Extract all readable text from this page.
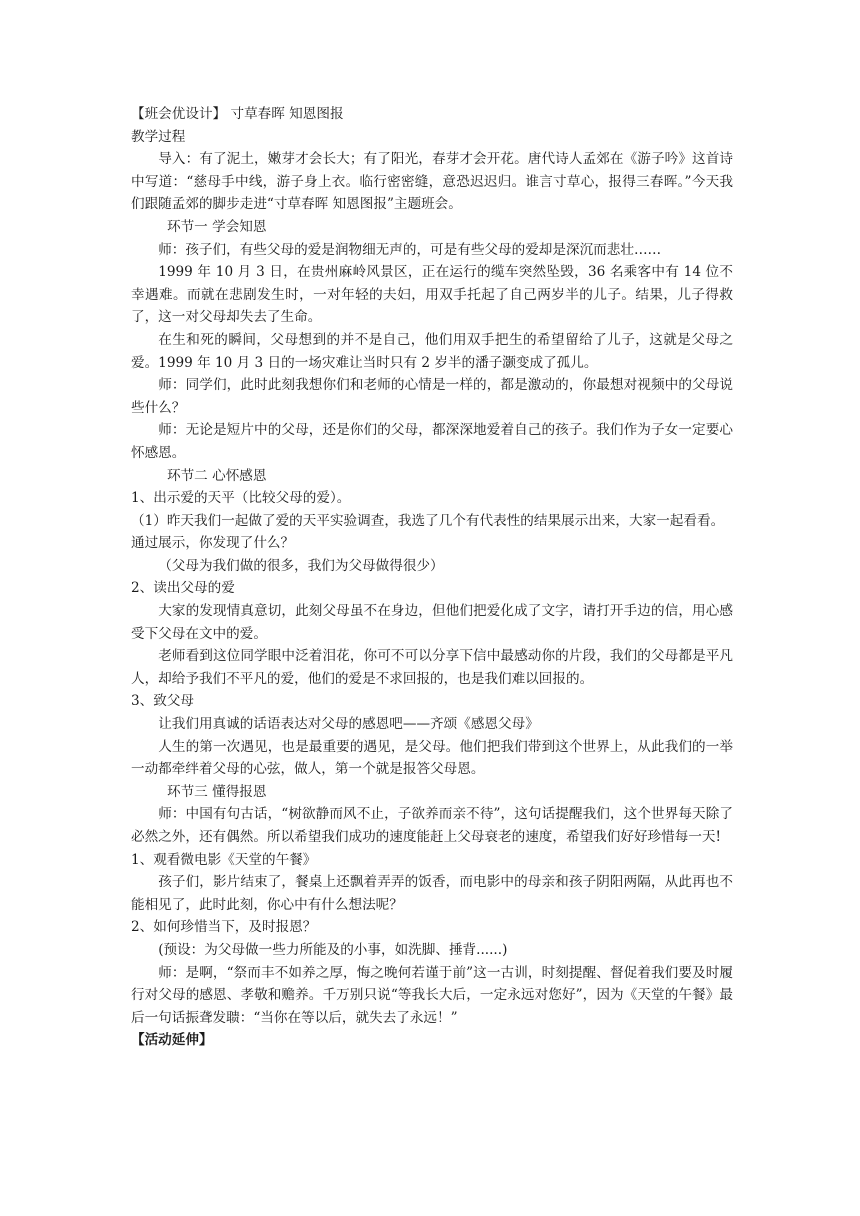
【班会优设计】 寸草春晖 知恩图报

教学过程

导入：有了泥土，嫩芽才会长大；有了阳光，春芽才会开花。唐代诗人孟郊在《游子吟》这首诗中写道：“慈母手中线，游子身上衣。临行密密缝，意恐迟迟归。谁言寸草心，报得三春晖。”今天我们跟随孟郊的脚步走进“寸草春晖 知恩图报”主题班会。

环节一 学会知恩

师：孩子们，有些父母的爱是润物细无声的，可是有些父母的爱却是深沉而悲壮……

1999 年 10 月 3 日，在贵州麻岭风景区，正在运行的缆车突然坠毁，36 名乘客中有 14 位不幸遇难。而就在悲剧发生时，一对年轻的夫妇，用双手托起了自己两岁半的儿子。结果，儿子得救了，这一对父母却失去了生命。

在生和死的瞬间，父母想到的并不是自己，他们用双手把生的希望留给了儿子，这就是父母之爱。1999 年 10 月 3 日的一场灾难让当时只有 2 岁半的潘子灏变成了孤儿。

师：同学们，此时此刻我想你们和老师的心情是一样的，都是激动的，你最想对视频中的父母说些什么？

师：无论是短片中的父母，还是你们的父母，都深深地爱着自己的孩子。我们作为子女一定要心怀感恩。

环节二 心怀感恩

1、出示爱的天平（比较父母的爱）。

（1）昨天我们一起做了爱的天平实验调查，我选了几个有代表性的结果展示出来，大家一起看看。

通过展示，你发现了什么？

（父母为我们做的很多，我们为父母做得很少）

2、读出父母的爱

大家的发现情真意切，此刻父母虽不在身边，但他们把爱化成了文字，请打开手边的信，用心感受下父母在文中的爱。

老师看到这位同学眼中泛着泪花，你可不可以分享下信中最感动你的片段，我们的父母都是平凡人，却给予我们不平凡的爱，他们的爱是不求回报的，也是我们难以回报的。

3、致父母

让我们用真诚的话语表达对父母的感恩吧——齐颂《感恩父母》

人生的第一次遇见，也是最重要的遇见，是父母。他们把我们带到这个世界上，从此我们的一举一动都牵绊着父母的心弦，做人，第一个就是报答父母恩。

环节三 懂得报恩

师：中国有句古话，“树欲静而风不止，子欲养而亲不待”，这句话提醒我们，这个世界每天除了必然之外，还有偶然。所以希望我们成功的速度能赶上父母衰老的速度，希望我们好好珍惜每一天!

1、观看微电影《天堂的午餐》

孩子们，影片结束了，餐桌上还飘着弄弄的饭香，而电影中的母亲和孩子阴阳两隔，从此再也不能相见了，此时此刻，你心中有什么想法呢？

2、如何珍惜当下，及时报恩？

(预设：为父母做一些力所能及的小事，如洗脚、捶背......)

师：是啊，“祭而丰不如养之厚，悔之晚何若谨于前”这一古训，时刻提醒、督促着我们要及时履行对父母的感恩、孝敬和赡养。千万别只说“等我长大后，一定永远对您好”，因为《天堂的午餐》最后一句话振聋发聩：“当你在等以后，就失去了永远！”

【活动延伸】
